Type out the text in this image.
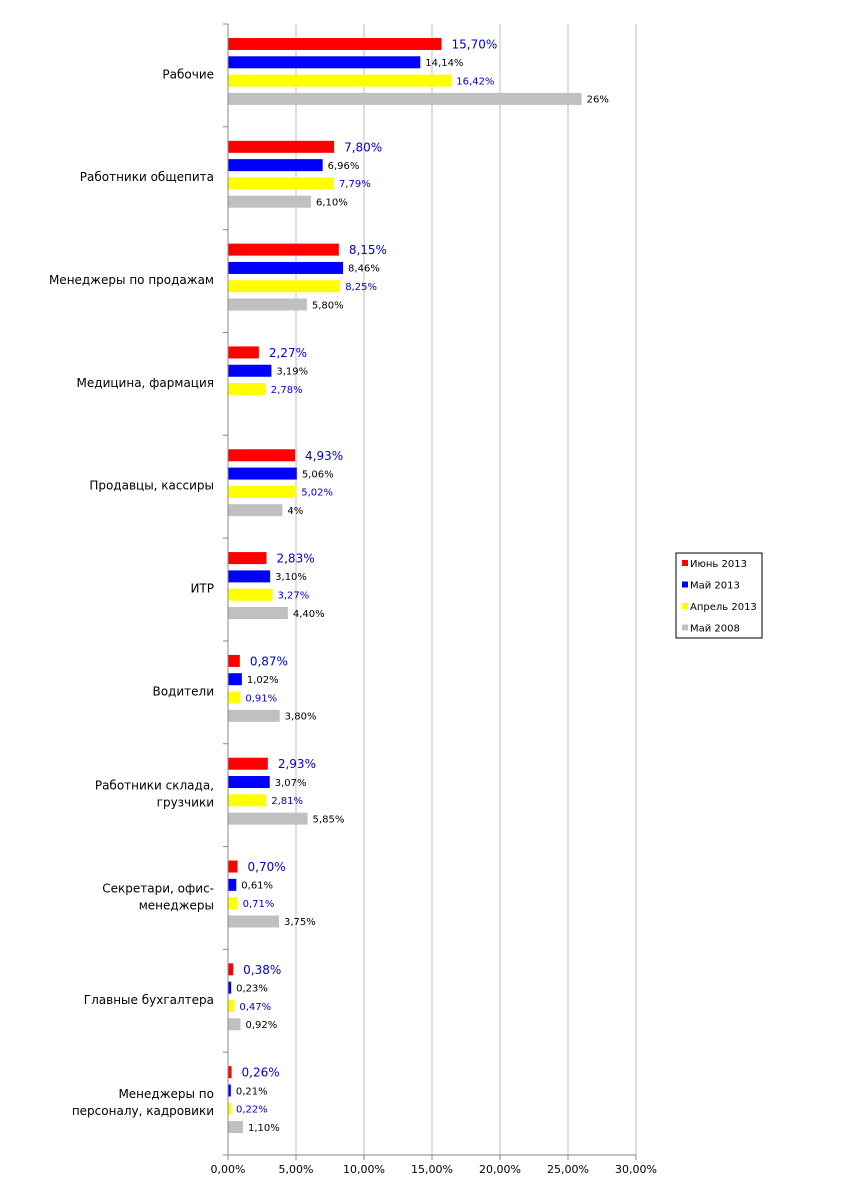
15,70%
14,14%
16,42%
26%
7,80%
6,96%
7,79%
6,10%
8,15%
8,46%
8,25%
5,80%
2,27%
3,19%
2,78%
4,93%
5,06%
5,02%
4%
2,83%
3,10%
3,27%
4,40%
0,87%
1,02%
0,91%
3,80%
2,93%
3,07%
2,81%
5,85%
0,70%
0,61%
0,71%
3,75%
0,38%
0,23%
0,47%
0,92%
0,26%
0,21%
0,22%
1,10%
Рабочие
Работники общепита
Менеджеры по продажам
Медицина, фармация
Продавцы, кассиры
ИТР
Водители
Работники склада,
грузчики
Секретари, офис-
менеджеры
Главные бухгалтера
Менеджеры по
персоналу, кадровики
0,00%	5,00%	10,00% 15,00% 20,00% 25,00% 30,00%
Июнь 2013
Май 2013
Апрель 2013
Май 2008
